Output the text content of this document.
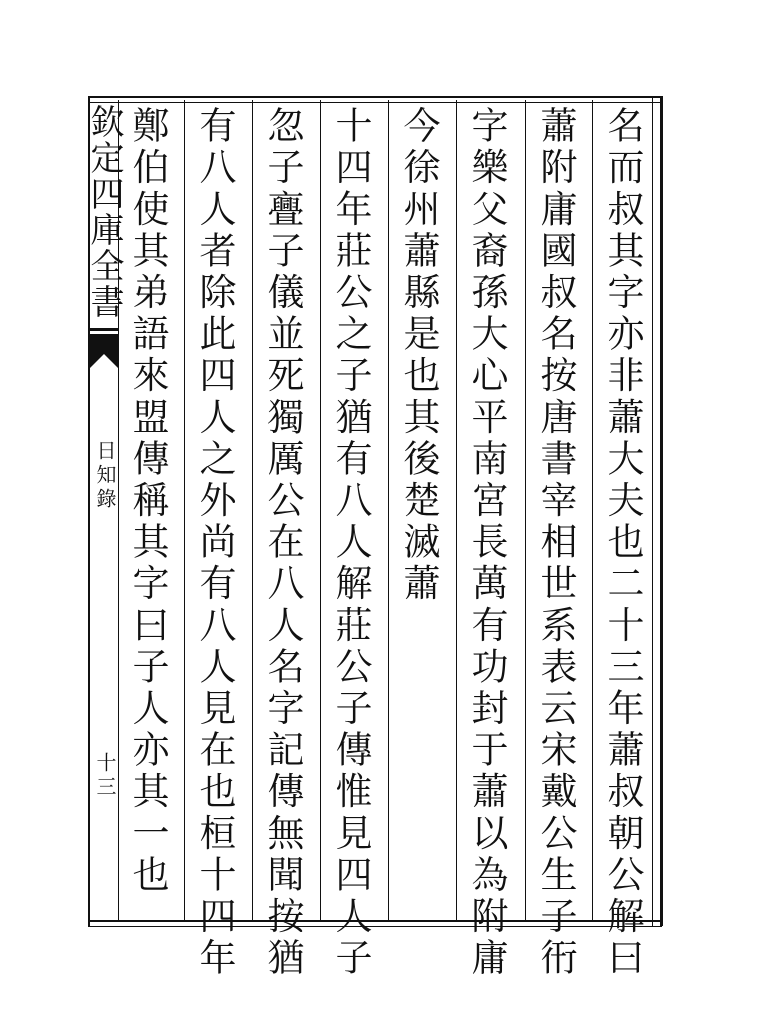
欽定四庫全書
日知錄
十三	名而叔其字亦非蕭大夫也二十三年蕭叔朝公解曰
蕭附庸國叔名按唐書宰相世系表云宋戴公生子衎
字樂父裔孫大心平南宮長萬有功封于蕭以為附庸
今徐州蕭縣是也其後楚滅蕭
十四年莊公之子猶有八人解莊公子傳惟見四人子
忽子亹子儀並死獨厲公在八人名字記傳無聞按猶
有八人者除此四人之外尚有八人見在也桓十四年
鄭伯使其弟語來盟傳稱其字曰子人亦其一也
